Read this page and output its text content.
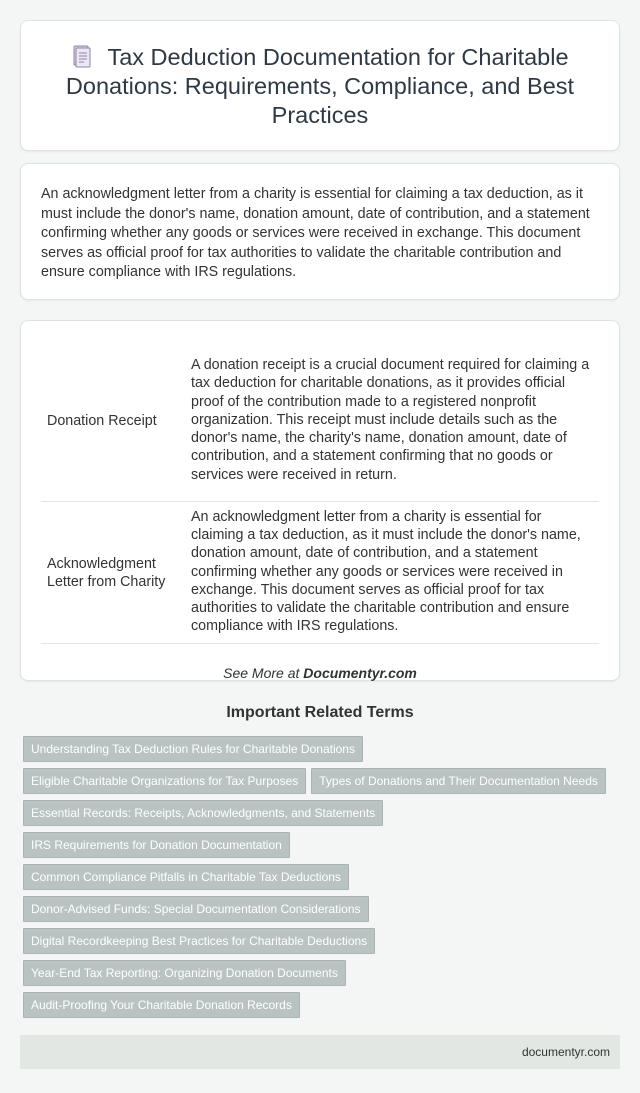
Tax Deduction Documentation for Charitable Donations: Requirements, Compliance, and Best Practices

An acknowledgment letter from a charity is essential for claiming a tax deduction, as it must include the donor's name, donation amount, date of contribution, and a statement confirming whether any goods or services were received in exchange. This document serves as official proof for tax authorities to validate the charitable contribution and ensure compliance with IRS regulations.

Donation Receipt	A donation receipt is a crucial document required for claiming a tax deduction for charitable donations, as it provides official proof of the contribution made to a registered nonprofit organization. This receipt must include details such as the donor's name, the charity's name, donation amount, date of contribution, and a statement confirming that no goods or services were received in return.
Acknowledgment Letter from Charity	An acknowledgment letter from a charity is essential for claiming a tax deduction, as it must include the donor's name, donation amount, date of contribution, and a statement confirming whether any goods or services were received in exchange. This document serves as official proof for tax authorities to validate the charitable contribution and ensure compliance with IRS regulations.
See More at Documentyr.com
Important Related Terms
Understanding Tax Deduction Rules for Charitable Donations
Eligible Charitable Organizations for Tax Purposes Types of Donations and Their Documentation Needs
Essential Records: Receipts, Acknowledgments, and Statements
IRS Requirements for Donation Documentation
Common Compliance Pitfalls in Charitable Tax Deductions
Donor-Advised Funds: Special Documentation Considerations
Digital Recordkeeping Best Practices for Charitable Deductions
Year-End Tax Reporting: Organizing Donation Documents
Audit-Proofing Your Charitable Donation Records
documentyr.com
